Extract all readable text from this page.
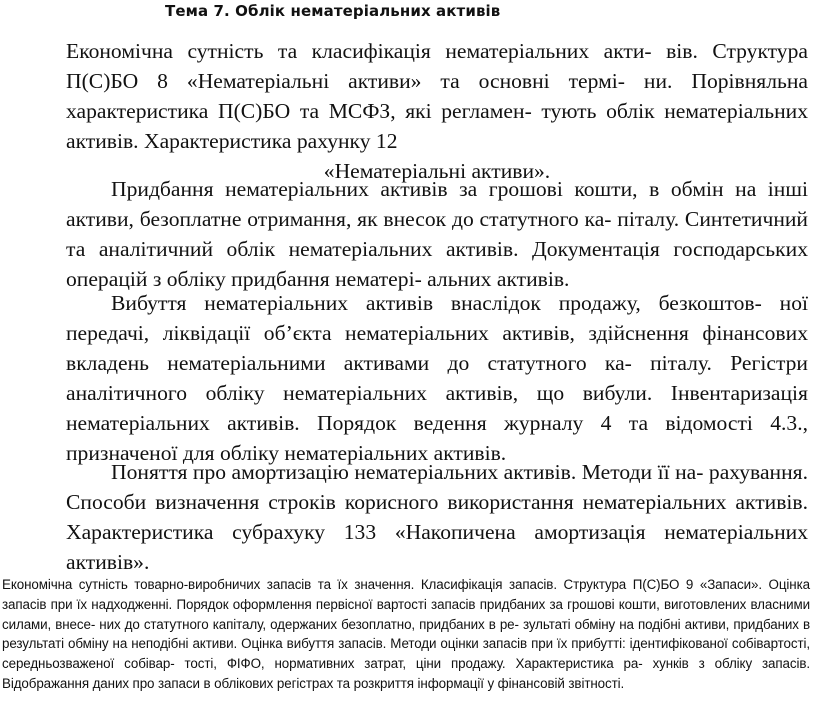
Тема 7. Облік нематеріальних активів

Економічна сутність та класифікація нематеріальних акти- вів. Структура П(С)БО 8 «Нематеріальні активи» та основні термі- ни. Порівняльна характеристика П(С)БО та МСФЗ, які регламен- тують облік нематеріальних активів. Характеристика рахунку 12

«Нематеріальні активи».

Придбання нематеріальних активів за грошові кошти, в обмін на інші активи, безоплатне отримання, як внесок до статутного ка- піталу. Синтетичний та аналітичний облік нематеріальних активів. Документація господарських операцій з обліку придбання нематері- альних активів.

Вибуття нематеріальних активів внаслідок продажу, безкоштов- ної передачі, ліквідації об’єкта нематеріальних активів, здійснення фінансових вкладень нематеріальними активами до статутного ка- піталу. Регістри аналітичного обліку нематеріальних активів, що вибули. Інвентаризація нематеріальних активів. Порядок ведення журналу 4 та відомості 4.3., призначеної для обліку нематеріальних активів.

Поняття про амортизацію нематеріальних активів. Методи її на- рахування. Способи визначення строків корисного використання нематеріальних активів. Характеристика субрахуку 133 «Накопичена амортизація нематеріальних активів».

Економічна сутність товарно-виробничих запасів та їх значення. Класифікація запасів. Структура П(С)БО 9 «Запаси». Оцінка запасів при їх надходженні. Порядок оформлення первісної вартості запасів придбаних за грошові кошти, виготовлених власними силами, внесе- них до статутного капіталу, одержаних безоплатно, придбаних в ре- зультаті обміну на подібні активи, придбаних в результаті обміну на неподібні активи. Оцінка вибуття запасів. Методи оцінки запасів при їх прибутті: ідентифікованої собівартості, середньозваженої собівар- тості, ФІФО, нормативних затрат, ціни продажу. Характеристика ра- хунків з обліку запасів. Відображання даних про запаси в облікових регістрах та розкриття інформації у фінансовій звітності.
